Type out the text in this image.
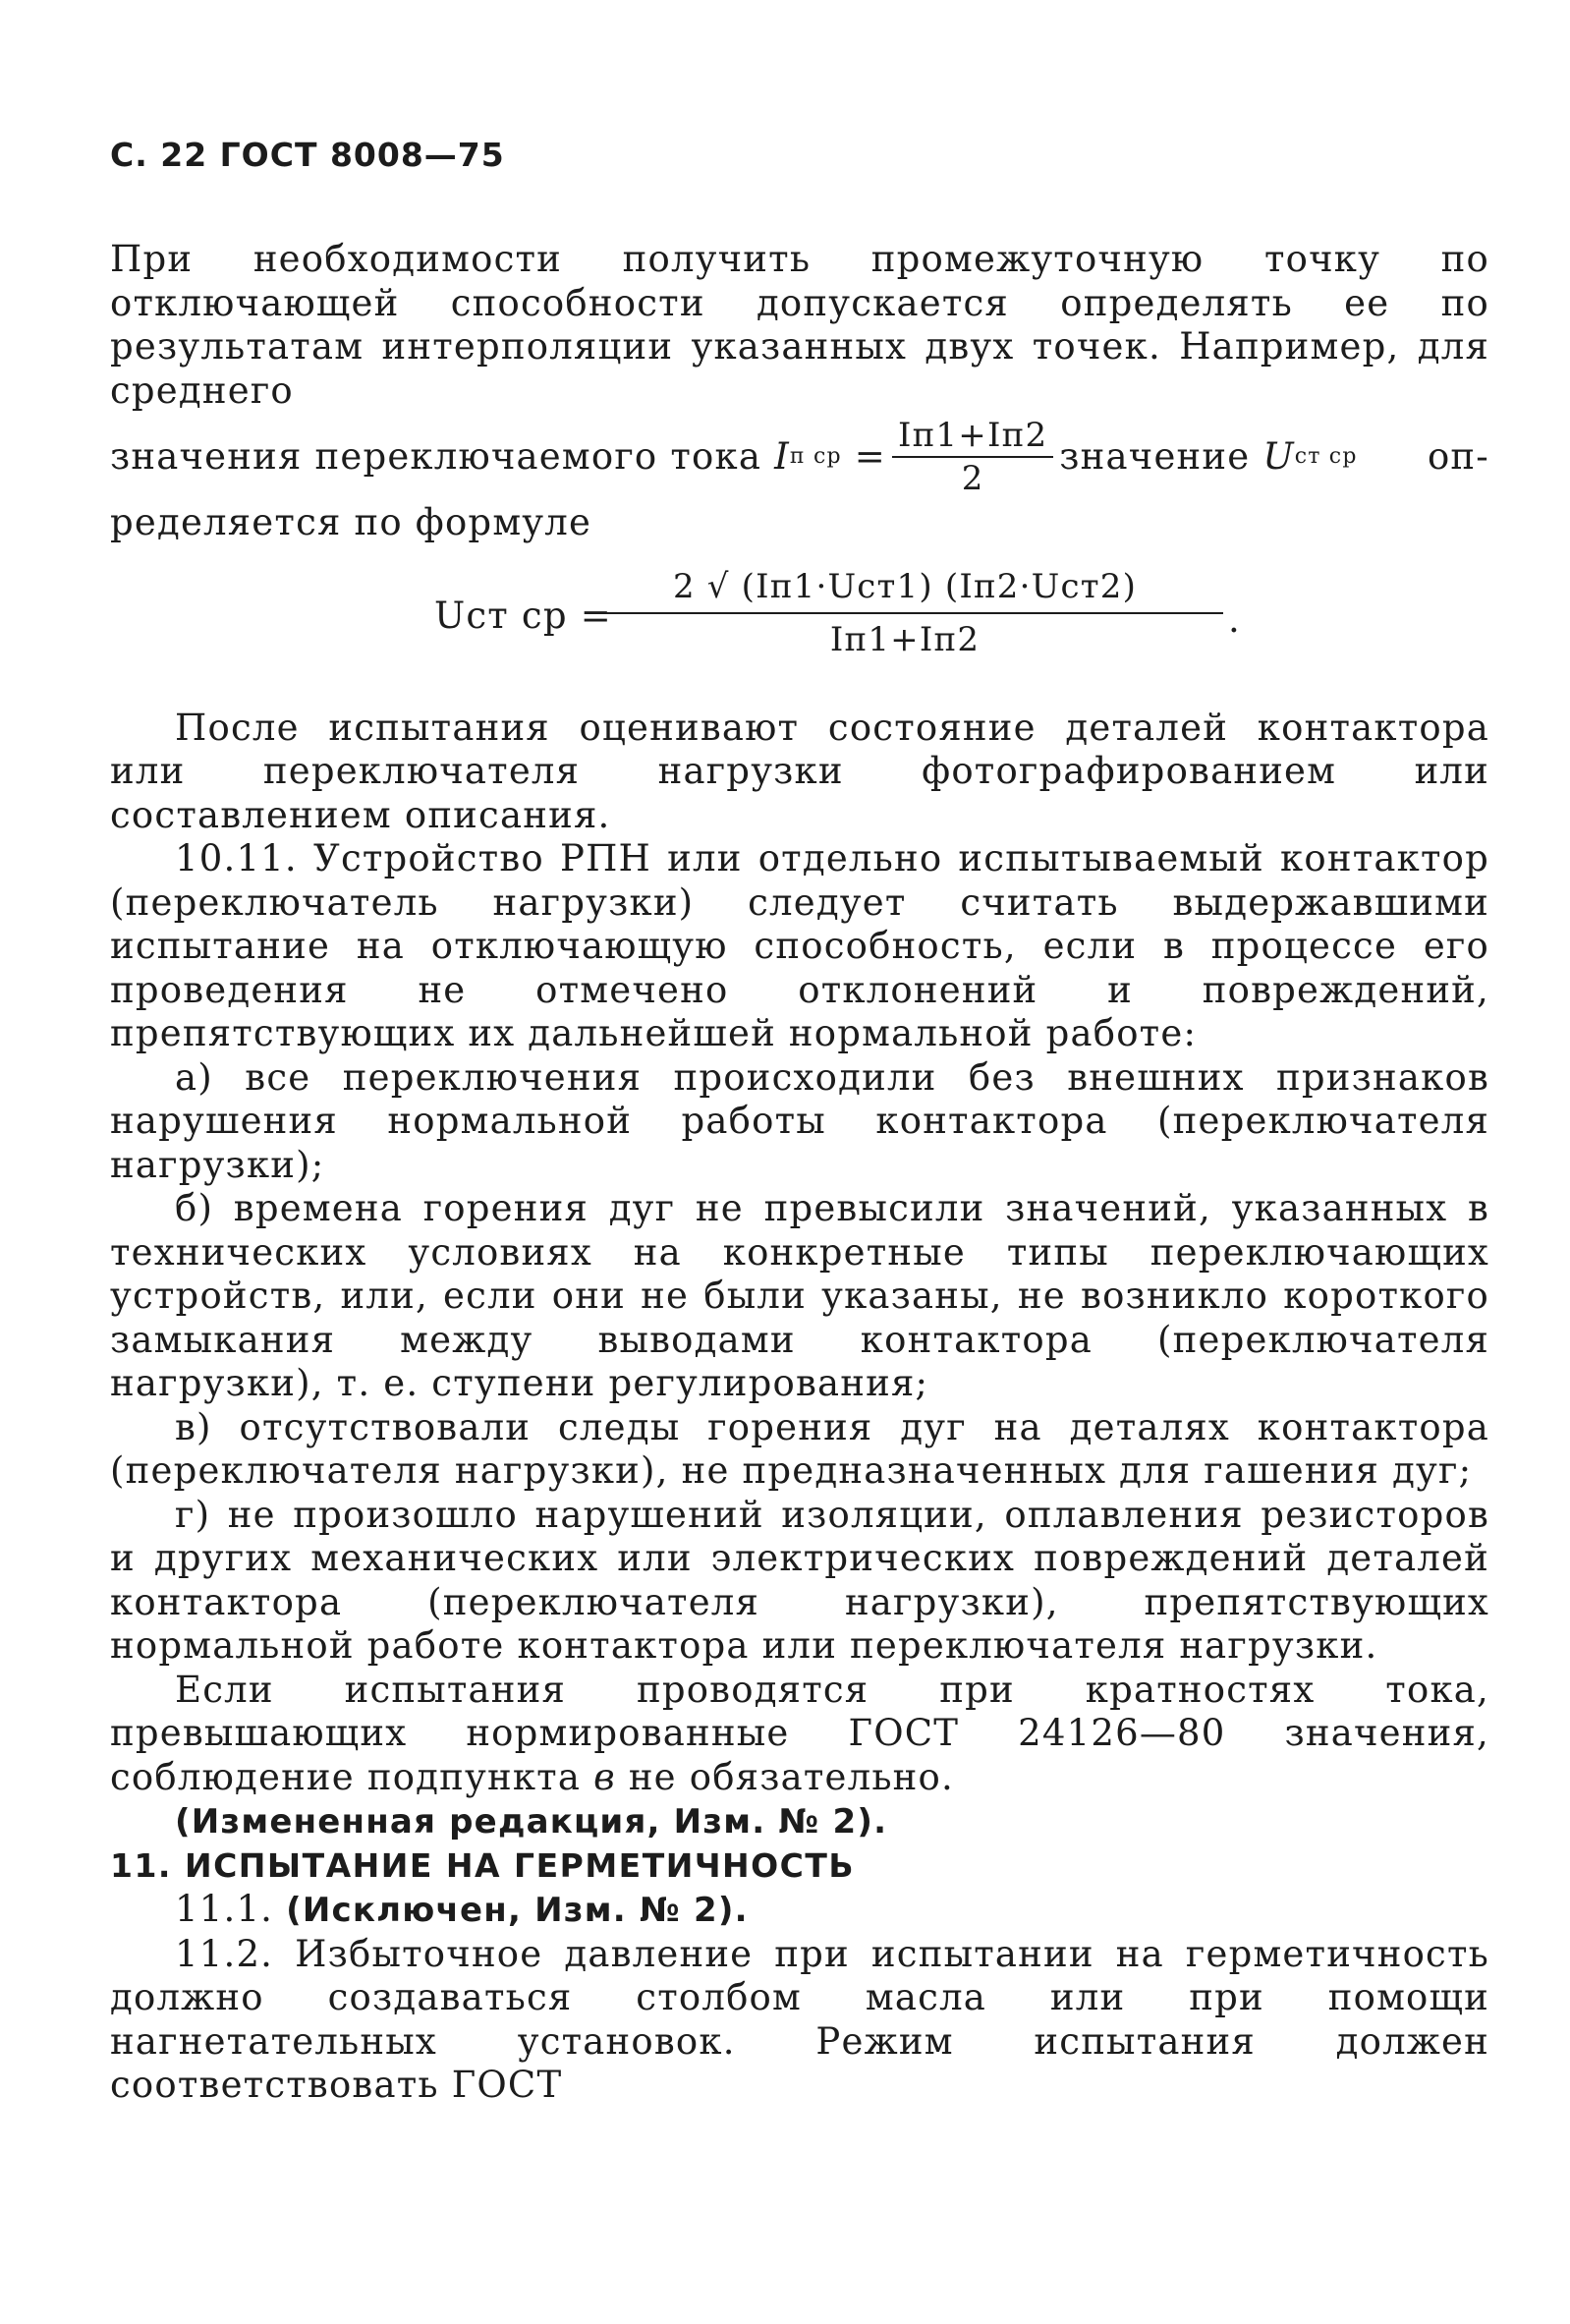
С. 22 ГОСТ 8008—75

При необходимости получить промежуточную точку по отключающей способности допускается определять ее по результатам интерполяции указанных двух точек. Например, для среднего

значения переключаемого тока
I п ср
= $\frac{Iп1+Iп2}{2}$ значение
U ст ср оп-

ределяется по формуле

Uст ср =
2 √ (Iп1·Uст1) (Iп2·Uст2)
Iп1+Iп2	.

После испытания оценивают состояние деталей контактора или переключателя нагрузки фотографированием или составлением описания.

10.11. Устройство РПН или отдельно испытываемый контактор (переключатель нагрузки) следует считать выдержавшими испытание на отключающую способность, если в процессе его проведения не отмечено отклонений и повреждений, препятствующих их дальнейшей нормальной работе:

а) все переключения происходили без внешних признаков нарушения нормальной работы контактора (переключателя нагрузки);

б) времена горения дуг не превысили значений, указанных в технических условиях на конкретные типы переключающих устройств, или, если они не были указаны, не возникло короткого замыкания между выводами контактора (переключателя нагрузки), т. е. ступени регулирования;

в) отсутствовали следы горения дуг на деталях контактора (переключателя нагрузки), не предназначенных для гашения дуг;

г) не произошло нарушений изоляции, оплавления резисторов и других механических или электрических повреждений деталей контактора (переключателя нагрузки), препятствующих нормальной работе контактора или переключателя нагрузки.

Если испытания проводятся при кратностях тока, превышающих нормированные ГОСТ 24126—80 значения, соблюдение подпункта в не обязательно.

(Измененная редакция, Изм. № 2).

11. ИСПЫТАНИЕ НА ГЕРМЕТИЧНОСТЬ

11.1. (Исключен, Изм. № 2).

11.2. Избыточное давление при испытании на герметичность должно создаваться столбом масла или при помощи нагнетательных установок. Режим испытания должен соответствовать ГОСТ
